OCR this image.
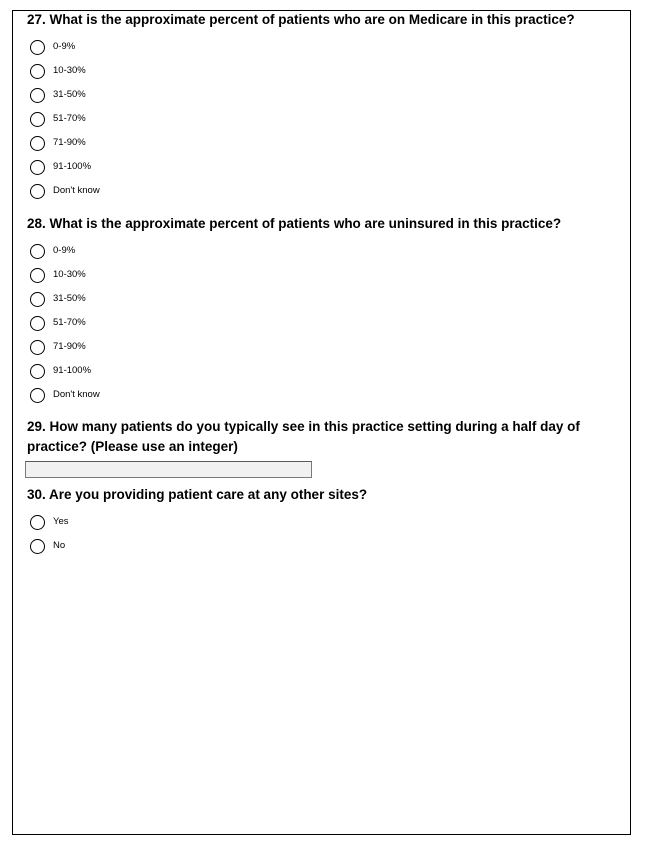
27. What is the approximate percent of patients who are on Medicare in this practice?

0-9%
10-30%
31-50%
51-70%
71-90%
91-100%
Don't know

28. What is the approximate percent of patients who are uninsured in this practice?

0-9%
10-30%
31-50%
51-70%
71-90%
91-100%
Don't know

29. How many patients do you typically see in this practice setting during a half day of practice? (Please use an integer)

30. Are you providing patient care at any other sites?

Yes
No
